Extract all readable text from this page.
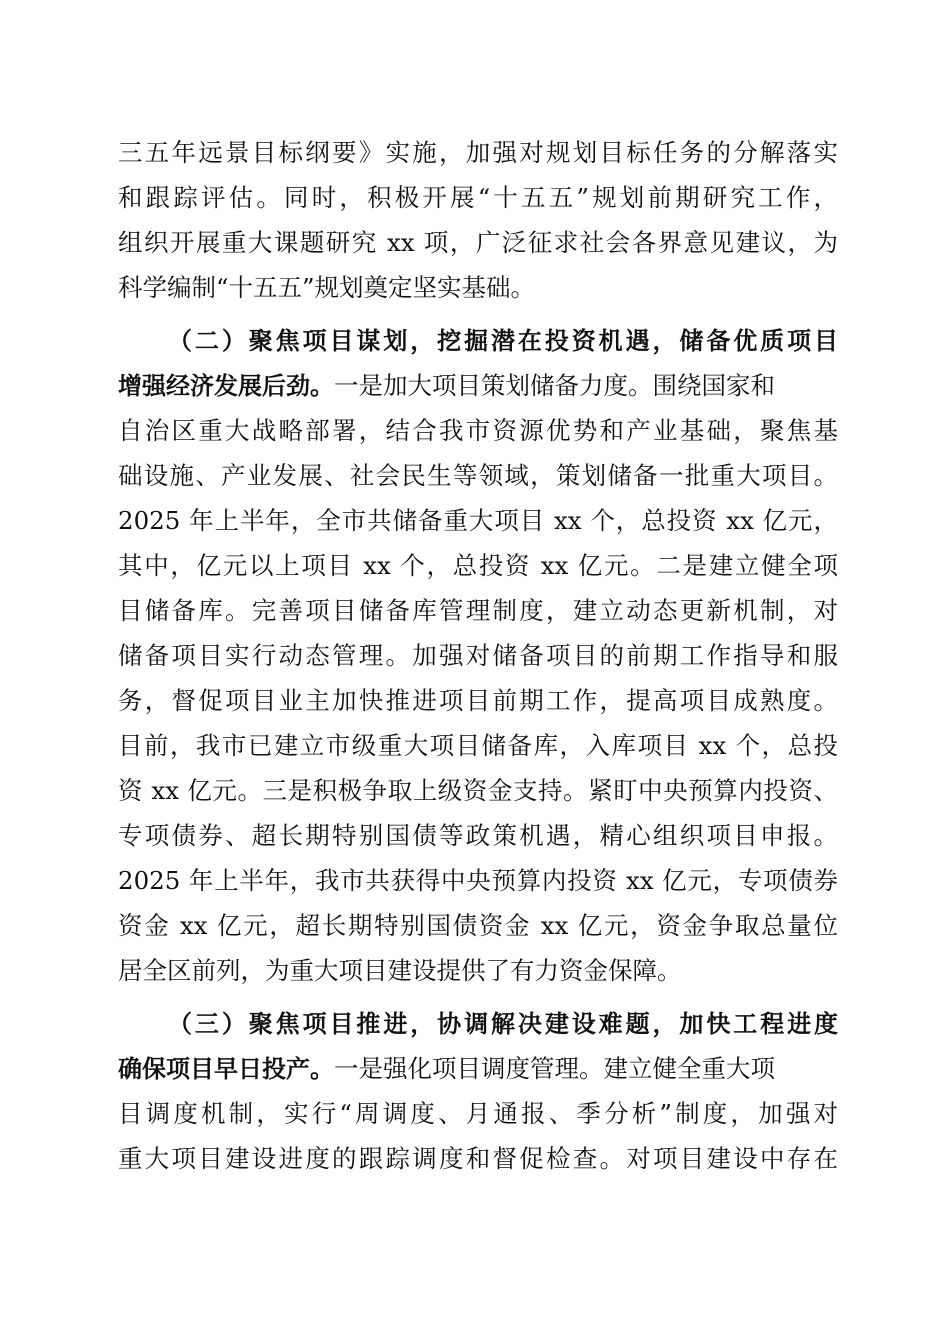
三五年远景目标纲要》实施，加强对规划目标任务的分解落实
和跟踪评估。同时，积极开展“十五五”规划前期研究工作，
组织开展重大课题研究 xx 项，广泛征求社会各界意见建议，为
科学编制“十五五”规划奠定坚实基础。
（二）聚焦项目谋划，挖掘潜在投资机遇，储备优质项目
增强经济发展后劲。一是加大项目策划储备力度。围绕国家和
自治区重大战略部署，结合我市资源优势和产业基础，聚焦基
础设施、产业发展、社会民生等领域，策划储备一批重大项目。
2025 年上半年，全市共储备重大项目 xx 个，总投资 xx 亿元，
其中，亿元以上项目 xx 个，总投资 xx 亿元。二是建立健全项
目储备库。完善项目储备库管理制度，建立动态更新机制，对
储备项目实行动态管理。加强对储备项目的前期工作指导和服
务，督促项目业主加快推进项目前期工作，提高项目成熟度。
目前，我市已建立市级重大项目储备库，入库项目 xx 个，总投
资 xx 亿元。三是积极争取上级资金支持。紧盯中央预算内投资、
专项债券、超长期特别国债等政策机遇，精心组织项目申报。
2025 年上半年，我市共获得中央预算内投资 xx 亿元，专项债券
资金 xx 亿元，超长期特别国债资金 xx 亿元，资金争取总量位
居全区前列，为重大项目建设提供了有力资金保障。
（三）聚焦项目推进，协调解决建设难题，加快工程进度
确保项目早日投产。一是强化项目调度管理。建立健全重大项
目调度机制，实行“周调度、月通报、季分析”制度，加强对
重大项目建设进度的跟踪调度和督促检查。对项目建设中存在
